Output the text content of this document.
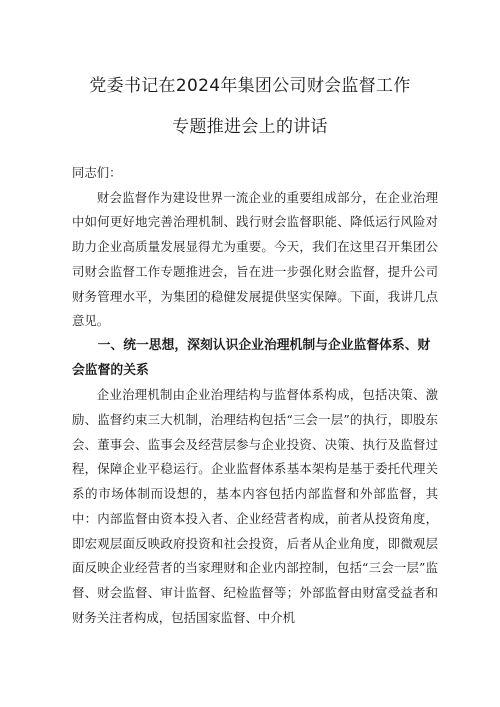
党委书记在2024年集团公司财会监督工作
专题推进会上的讲话

同志们：

财会监督作为建设世界一流企业的重要组成部分，在企业治理中如何更好地完善治理机制、践行财会监督职能、降低运行风险对助力企业高质量发展显得尤为重要。今天，我们在这里召开集团公司财会监督工作专题推进会，旨在进一步强化财会监督，提升公司财务管理水平，为集团的稳健发展提供坚实保障。下面，我讲几点意见。

一、统一思想，深刻认识企业治理机制与企业监督体系、财会监督的关系

企业治理机制由企业治理结构与监督体系构成，包括决策、激励、监督约束三大机制，治理结构包括“三会一层”的执行，即股东会、董事会、监事会及经营层参与企业投资、决策、执行及监督过程，保障企业平稳运行。企业监督体系基本架构是基于委托代理关系的市场体制而设想的，基本内容包括内部监督和外部监督，其中：内部监督由资本投入者、企业经营者构成，前者从投资角度，即宏观层面反映政府投资和社会投资，后者从企业角度，即微观层面反映企业经营者的当家理财和企业内部控制，包括“三会一层”监督、财会监督、审计监督、纪检监督等；外部监督由财富受益者和财务关注者构成，包括国家监督、中介机
